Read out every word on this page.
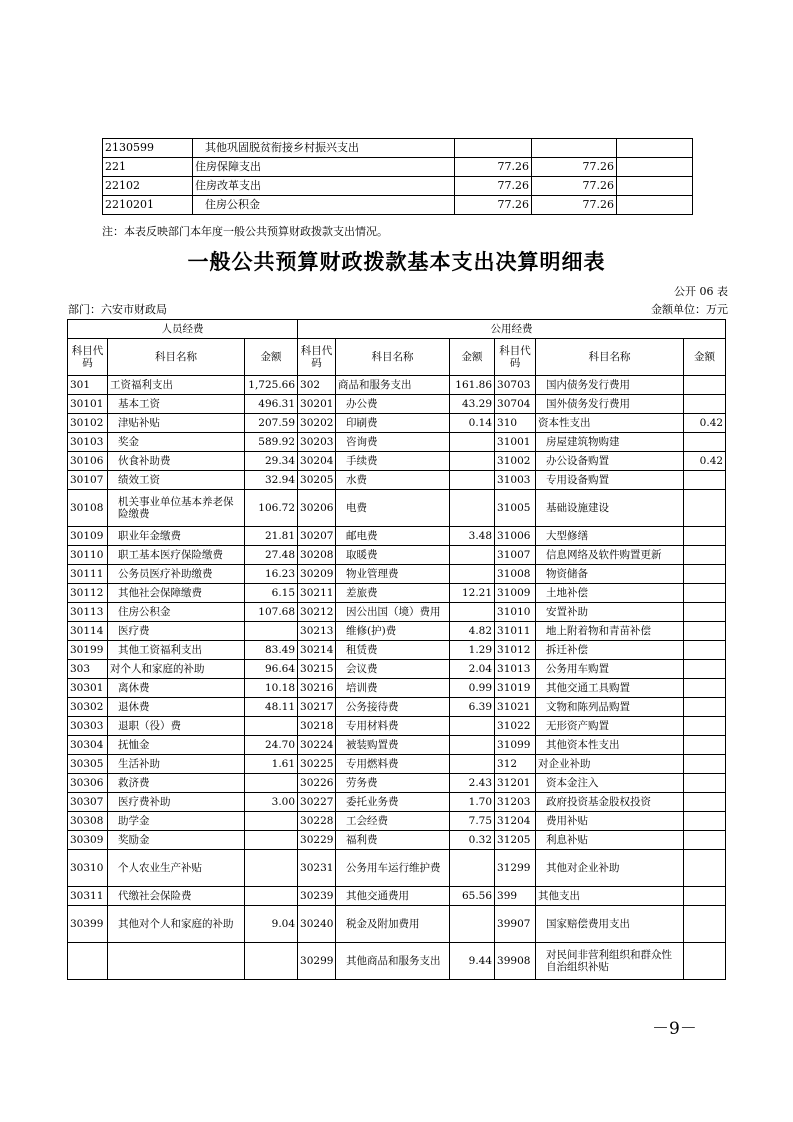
2130599	其他巩固脱贫衔接乡村振兴支出			
221	住房保障支出	77.26	77.26	
22102	住房改革支出	77.26	77.26	
2210201	住房公积金	77.26	77.26	
注：本表反映部门本年度一般公共预算财政拨款支出情况。
一般公共预算财政拨款基本支出决算明细表
公开 06 表
部门：六安市财政局	金额单位：万元
人员经费			公用经费					
科目代码	科目名称	金额	科目代码	科目名称	金额	科目代码	科目名称	金额
301	工资福利支出	1,725.66	302	商品和服务支出	161.86	30703	国内债务发行费用	
30101	基本工资	496.31	30201	办公费	43.29	30704	国外债务发行费用	
30102	津贴补贴	207.59	30202	印刷费	0.14	310	资本性支出	0.42
30103	奖金	589.92	30203	咨询费		31001	房屋建筑物购建	
30106	伙食补助费	29.34	30204	手续费		31002	办公设备购置	0.42
30107	绩效工资	32.94	30205	水费		31003	专用设备购置	
30108	机关事业单位基本养老保险缴费	106.72	30206	电费		31005	基础设施建设	
30109	职业年金缴费	21.81	30207	邮电费	3.48	31006	大型修缮	
30110	职工基本医疗保险缴费	27.48	30208	取暖费		31007	信息网络及软件购置更新	
30111	公务员医疗补助缴费	16.23	30209	物业管理费		31008	物资储备	
30112	其他社会保障缴费	6.15	30211	差旅费	12.21	31009	土地补偿	
30113	住房公积金	107.68	30212	因公出国（境）费用		31010	安置补助	
30114	医疗费		30213	维修(护)费	4.82	31011	地上附着物和青苗补偿	
30199	其他工资福利支出	83.49	30214	租赁费	1.29	31012	拆迁补偿	
303	对个人和家庭的补助	96.64	30215	会议费	2.04	31013	公务用车购置	
30301	离休费	10.18	30216	培训费	0.99	31019	其他交通工具购置	
30302	退休费	48.11	30217	公务接待费	6.39	31021	文物和陈列品购置	
30303	退职（役）费		30218	专用材料费		31022	无形资产购置	
30304	抚恤金	24.70	30224	被装购置费		31099	其他资本性支出	
30305	生活补助	1.61	30225	专用燃料费		312	对企业补助	
30306	救济费		30226	劳务费	2.43	31201	资本金注入	
30307	医疗费补助	3.00	30227	委托业务费	1.70	31203	政府投资基金股权投资	
30308	助学金		30228	工会经费	7.75	31204	费用补贴	
30309	奖励金		30229	福利费	0.32	31205	利息补贴	
30310	个人农业生产补贴		30231	公务用车运行维护费		31299	其他对企业补助	
30311	代缴社会保险费		30239	其他交通费用	65.56	399	其他支出	
30399	其他对个人和家庭的补助	9.04	30240	税金及附加费用		39907	国家赔偿费用支出	
			30299	其他商品和服务支出	9.44	39908	对民间非营利组织和群众性自治组织补贴	
－9－
